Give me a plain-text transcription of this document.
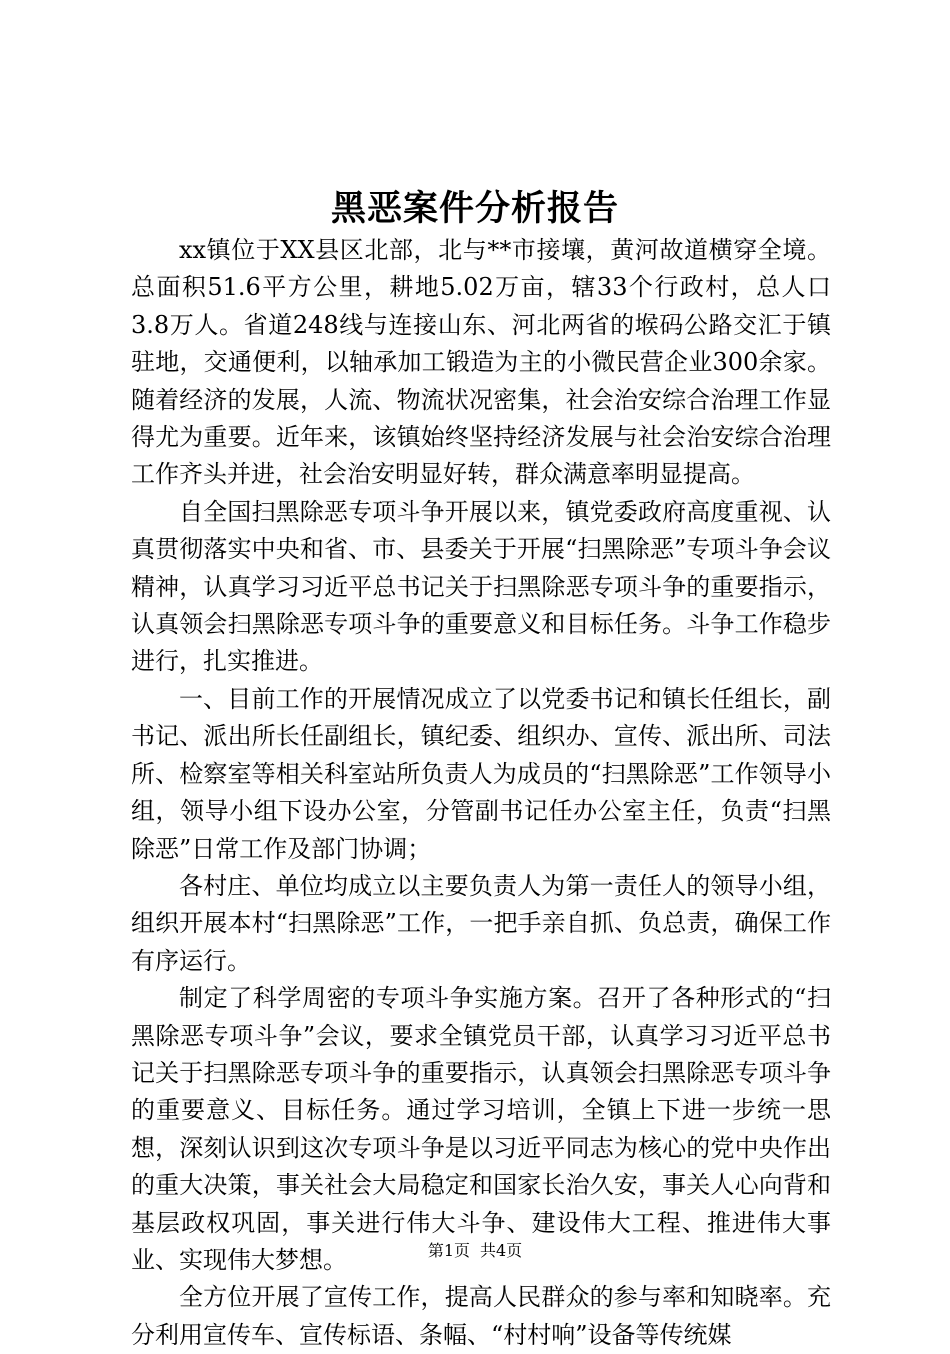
黑恶案件分析报告

xx镇位于XX县区北部，北与**市接壤，黄河故道横穿全境。总面积51.6平方公里，耕地5.02万亩，辖33个行政村，总人口3.8万人。省道248线与连接山东、河北两省的堠码公路交汇于镇驻地，交通便利，以轴承加工锻造为主的小微民营企业300余家。随着经济的发展，人流、物流状况密集，社会治安综合治理工作显得尤为重要。近年来，该镇始终坚持经济发展与社会治安综合治理工作齐头并进，社会治安明显好转，群众满意率明显提高。

自全国扫黑除恶专项斗争开展以来，镇党委政府高度重视、认真贯彻落实中央和省、市、县委关于开展“扫黑除恶”专项斗争会议精神，认真学习习近平总书记关于扫黑除恶专项斗争的重要指示，认真领会扫黑除恶专项斗争的重要意义和目标任务。斗争工作稳步进行，扎实推进。

一、目前工作的开展情况成立了以党委书记和镇长任组长，副书记、派出所长任副组长，镇纪委、组织办、宣传、派出所、司法所、检察室等相关科室站所负责人为成员的“扫黑除恶”工作领导小组，领导小组下设办公室，分管副书记任办公室主任，负责“扫黑除恶”日常工作及部门协调；

各村庄、单位均成立以主要负责人为第一责任人的领导小组，组织开展本村“扫黑除恶”工作，一把手亲自抓、负总责，确保工作有序运行。

制定了科学周密的专项斗争实施方案。召开了各种形式的“扫黑除恶专项斗争”会议，要求全镇党员干部，认真学习习近平总书记关于扫黑除恶专项斗争的重要指示，认真领会扫黑除恶专项斗争的重要意义、目标任务。通过学习培训，全镇上下进一步统一思想，深刻认识到这次专项斗争是以习近平同志为核心的党中央作出的重大决策，事关社会大局稳定和国家长治久安，事关人心向背和基层政权巩固，事关进行伟大斗争、建设伟大工程、推进伟大事业、实现伟大梦想。

全方位开展了宣传工作，提高人民群众的参与率和知晓率。充分利用宣传车、宣传标语、条幅、“村村响”设备等传统媒

第1页 共4页
